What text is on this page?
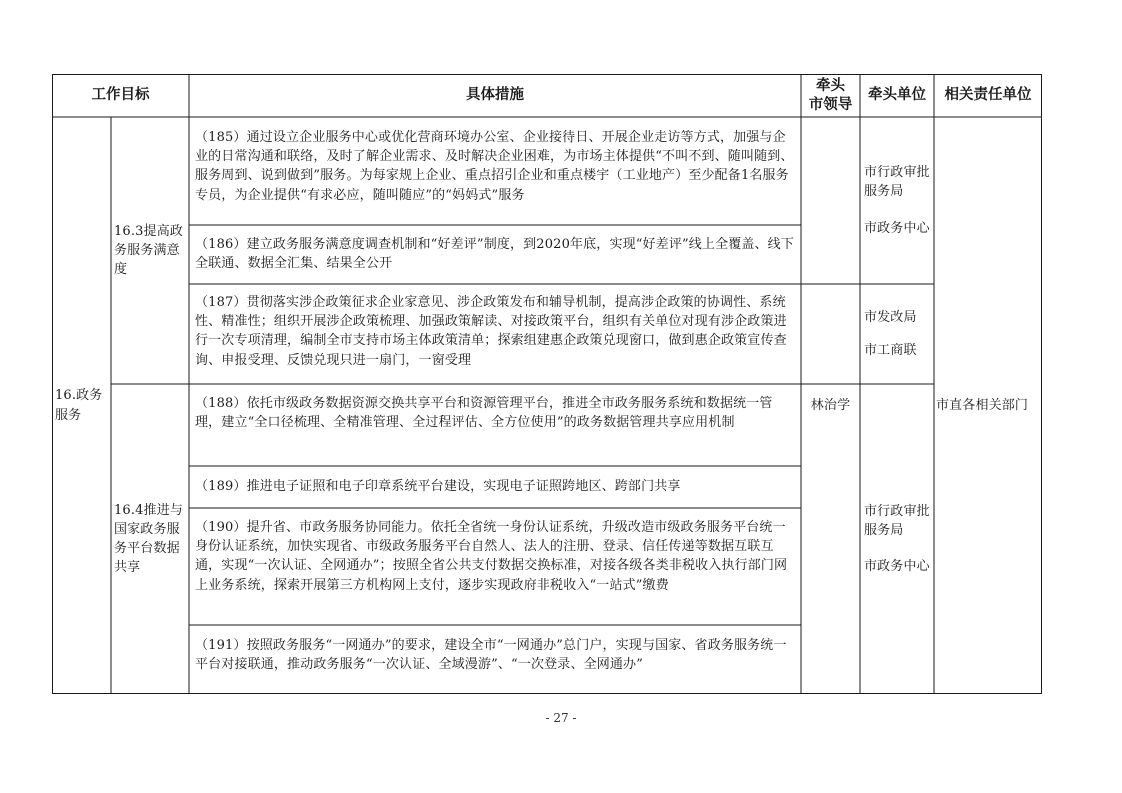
工作目标	具体措施
牵头
市领导
牵头单位	相关责任单位
16.政务服务
16.3提高政务服务满意度
16.4推进与国家政务服务平台数据共享
（185）通过设立企业服务中心或优化营商环境办公室、企业接待日、开展企业走访等方式，加强与企业的日常沟通和联络，及时了解企业需求、及时解决企业困难，为市场主体提供“不叫不到、随叫随到、服务周到、说到做到”服务。为每家规上企业、重点招引企业和重点楼宇（工业地产）至少配备1名服务专员，为企业提供“有求必应，随叫随应”的“妈妈式”服务
（186）建立政务服务满意度调查机制和“好差评”制度，到2020年底，实现“好差评”线上全覆盖、线下全联通、数据全汇集、结果全公开
（187）贯彻落实涉企政策征求企业家意见、涉企政策发布和辅导机制，提高涉企政策的协调性、系统性、精准性；组织开展涉企政策梳理、加强政策解读、对接政策平台，组织有关单位对现有涉企政策进行一次专项清理，编制全市支持市场主体政策清单；探索组建惠企政策兑现窗口，做到惠企政策宣传查询、申报受理、反馈兑现只进一扇门，一窗受理
（188）依托市级政务数据资源交换共享平台和资源管理平台，推进全市政务服务系统和数据统一管理，建立“全口径梳理、全精准管理、全过程评估、全方位使用”的政务数据管理共享应用机制
（189）推进电子证照和电子印章系统平台建设，实现电子证照跨地区、跨部门共享
（190）提升省、市政务服务协同能力。依托全省统一身份认证系统，升级改造市级政务服务平台统一身份认证系统，加快实现省、市级政务服务平台自然人、法人的注册、登录、信任传递等数据互联互通，实现“一次认证、全网通办”；按照全省公共支付数据交换标准，对接各级各类非税收入执行部门网上业务系统，探索开展第三方机构网上支付，逐步实现政府非税收入“一站式”缴费
（191）按照政务服务“一网通办”的要求，建设全市“一网通办”总门户，实现与国家、省政务服务统一平台对接联通，推动政务服务“一次认证、全域漫游”、“一次登录、全网通办”
林治学
市行政审批服务局
市政务中心
市发改局
市工商联
市行政审批服务局
市政务中心
市直各相关部门
- 27 -
